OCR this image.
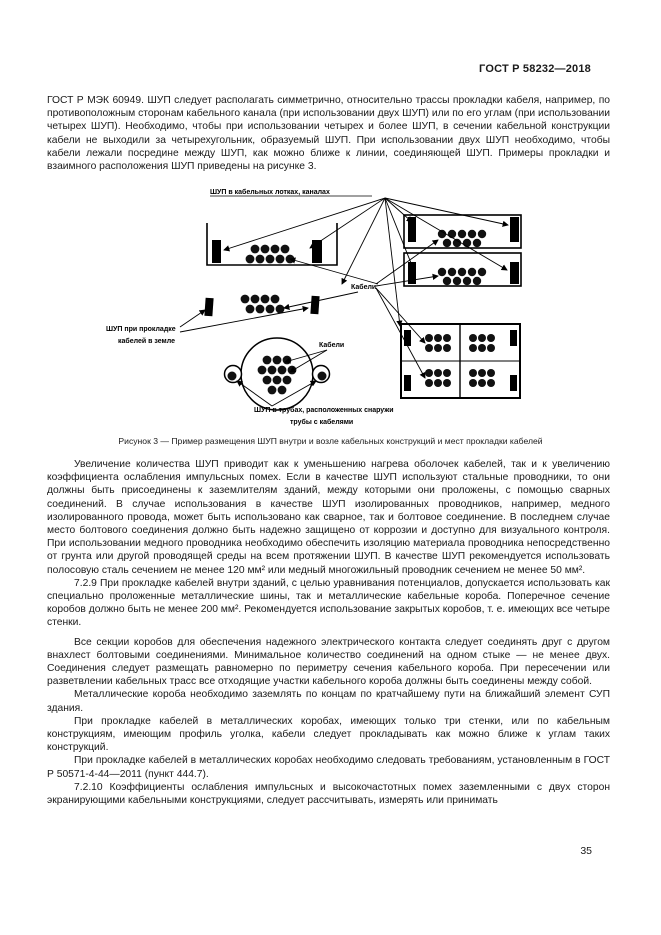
ГОСТ Р 58232—2018

ГОСТ Р МЭК 60949. ШУП следует располагать симметрично, относительно трассы прокладки кабеля, например, по противоположным сторонам кабельного канала (при использовании двух ШУП) или по его углам (при использовании четырех ШУП). Необходимо, чтобы при использовании четырех и более ШУП, в сечении кабельной конструкции кабели не выходили за четырехугольник, образуемый ШУП. При использовании двух ШУП необходимо, чтобы кабели лежали посредине между ШУП, как можно ближе к линии, соединяющей ШУП. Примеры прокладки и взаимного расположения ШУП приведены на рисунке 3.

ШУП в кабельных лотках, каналах
Кабели
ШУП при прокладке
кабелей в земле
Кабели
ШУП в трубах, расположенных снаружи
трубы с кабелями
Рисунок 3 — Пример размещения ШУП внутри и возле кабельных конструкций и мест прокладки кабелей

Увеличение количества ШУП приводит как к уменьшению нагрева оболочек кабелей, так и к увеличению коэффициента ослабления импульсных помех. Если в качестве ШУП используют стальные проводники, то они должны быть присоединены к заземлителям зданий, между которыми они проложены, с помощью сварных соединений. В случае использования в качестве ШУП изолированных проводников, например, медного изолированного провода, может быть использовано как сварное, так и болтовое соединение. В последнем случае место болтового соединения должно быть надежно защищено от коррозии и доступно для визуального контроля. При использовании медного проводника необходимо обеспечить изоляцию материала проводника непосредственно от грунта или другой проводящей среды на всем протяжении ШУП. В качестве ШУП рекомендуется использовать полосовую сталь сечением не менее 120 мм² или медный многожильный проводник сечением не менее 50 мм².

7.2.9 При прокладке кабелей внутри зданий, с целью уравнивания потенциалов, допускается использовать как специально проложенные металлические шины, так и металлические кабельные короба. Поперечное сечение коробов должно быть не менее 200 мм². Рекомендуется использование закрытых коробов, т. е. имеющих все четыре стенки.

Все секции коробов для обеспечения надежного электрического контакта следует соединять друг с другом внахлест болтовыми соединениями. Минимальное количество соединений на одном стыке — не менее двух. Соединения следует размещать равномерно по периметру сечения кабельного короба. При пересечении или разветвлении кабельных трасс все отходящие участки кабельного короба должны быть соединены между собой.

Металлические короба необходимо заземлять по концам по кратчайшему пути на ближайший элемент СУП здания.

При прокладке кабелей в металлических коробах, имеющих только три стенки, или по кабельным конструкциям, имеющим профиль уголка, кабели следует прокладывать как можно ближе к углам таких конструкций.

При прокладке кабелей в металлических коробах необходимо следовать требованиям, установленным в ГОСТ Р 50571-4-44—2011 (пункт 444.7).

7.2.10 Коэффициенты ослабления импульсных и высокочастотных помех заземленными с двух сторон экранирующими кабельными конструкциями, следует рассчитывать, измерять или принимать

35
